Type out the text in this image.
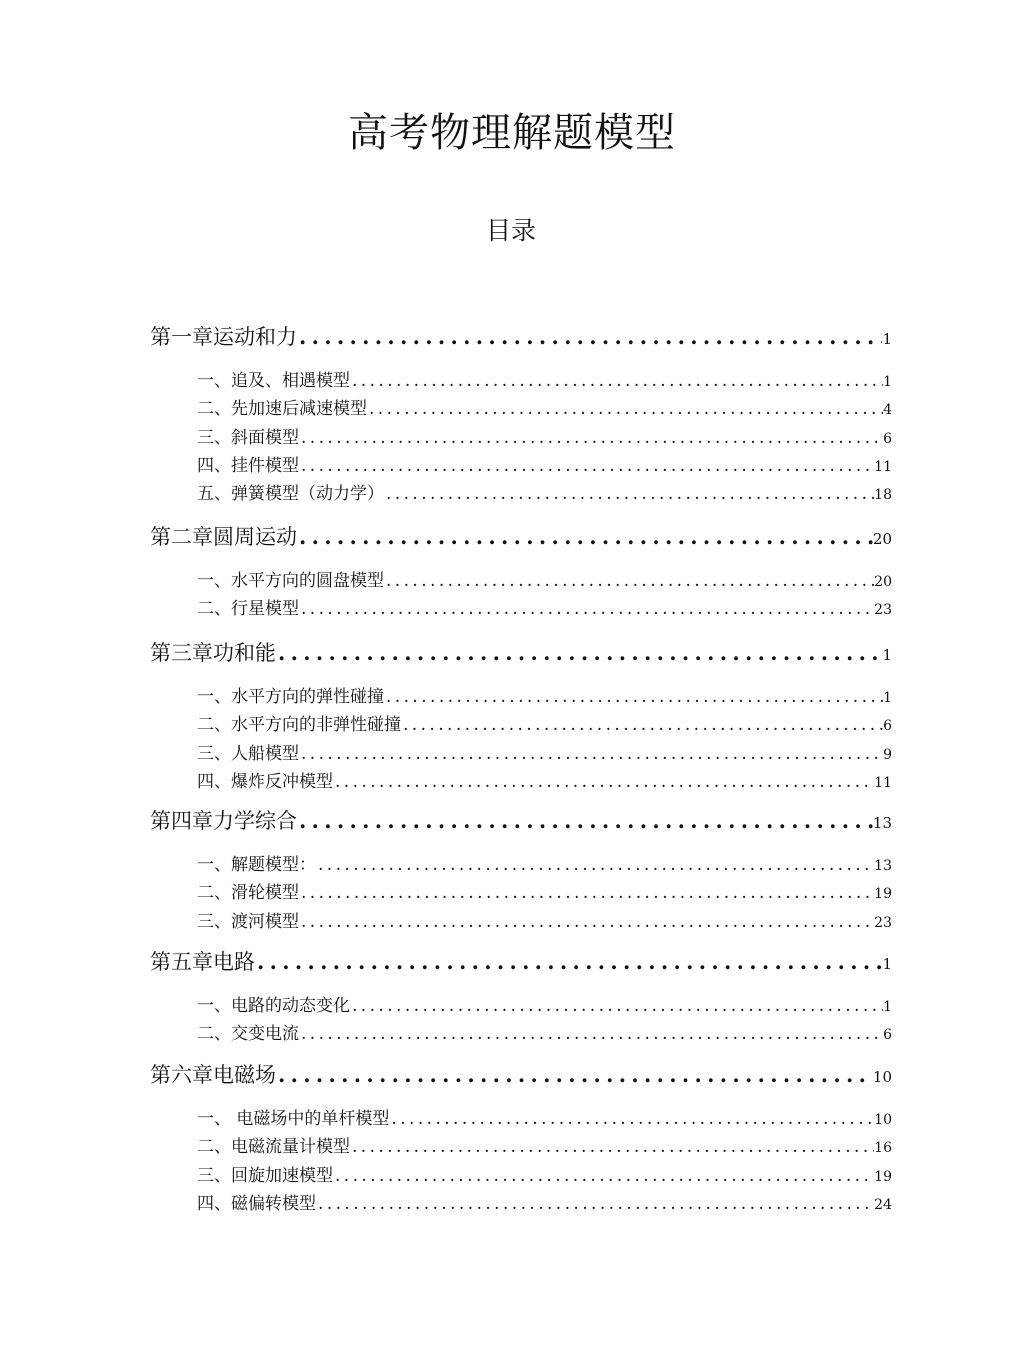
高考物理解题模型
目录
第一章运动和力 . . .	1
一、追及、相遇模型 . . .	1
二、先加速后减速模型 . . .	4
三、斜面模型 . . .	6
四、挂件模型 . . .	11
五、弹簧模型（动力学） . . .	18
第二章圆周运动 . . .	20
一、水平方向的圆盘模型 . . .	20
二、行星模型 . . .	23
第三章功和能 . . .	1
一、水平方向的弹性碰撞 . . .	1
二、水平方向的非弹性碰撞 . . .	6
三、人船模型 . . .	9
四、爆炸反冲模型 . . .	11
第四章力学综合 . . .	13
一、解题模型： . . .	13
二、滑轮模型 . . .	19
三、渡河模型 . . .	23
第五章电路 . . .	1
一、电路的动态变化 . . .	1
二、交变电流 . . .	6
第六章电磁场 . . .	10
一、 电磁场中的单杆模型 . . .	10
二、电磁流量计模型 . . .	16
三、回旋加速模型 . . .	19
四、磁偏转模型 . . .	24
